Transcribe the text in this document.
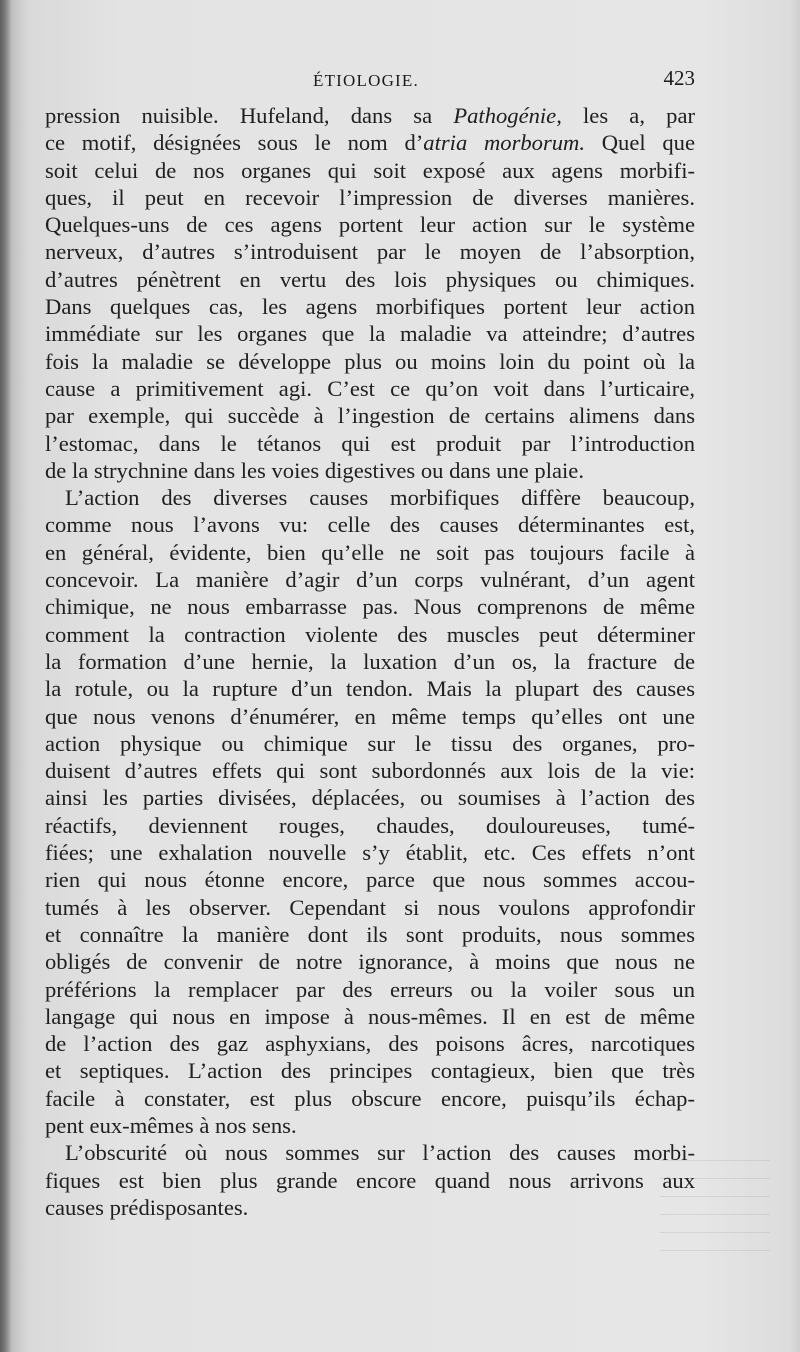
ÉTIOLOGIE.	423
pression nuisible. Hufeland, dans sa Pathogénie, les a, par
ce motif, désignées sous le nom d’atria morborum. Quel que
soit celui de nos organes qui soit exposé aux agens morbifi-
ques, il peut en recevoir l’impression de diverses manières.
Quelques-uns de ces agens portent leur action sur le système
nerveux, d’autres s’introduisent par le moyen de l’absorption,
d’autres pénètrent en vertu des lois physiques ou chimiques.
Dans quelques cas, les agens morbifiques portent leur action
immédiate sur les organes que la maladie va atteindre; d’autres
fois la maladie se développe plus ou moins loin du point où la
cause a primitivement agi. C’est ce qu’on voit dans l’urticaire,
par exemple, qui succède à l’ingestion de certains alimens dans
l’estomac, dans le tétanos qui est produit par l’introduction
de la strychnine dans les voies digestives ou dans une plaie.
L’action des diverses causes morbifiques diffère beaucoup,
comme nous l’avons vu: celle des causes déterminantes est,
en général, évidente, bien qu’elle ne soit pas toujours facile à
concevoir. La manière d’agir d’un corps vulnérant, d’un agent
chimique, ne nous embarrasse pas. Nous comprenons de même
comment la contraction violente des muscles peut déterminer
la formation d’une hernie, la luxation d’un os, la fracture de
la rotule, ou la rupture d’un tendon. Mais la plupart des causes
que nous venons d’énumérer, en même temps qu’elles ont une
action physique ou chimique sur le tissu des organes, pro-
duisent d’autres effets qui sont subordonnés aux lois de la vie:
ainsi les parties divisées, déplacées, ou soumises à l’action des
réactifs, deviennent rouges, chaudes, douloureuses, tumé-
fiées; une exhalation nouvelle s’y établit, etc. Ces effets n’ont
rien qui nous étonne encore, parce que nous sommes accou-
tumés à les observer. Cependant si nous voulons approfondir
et connaître la manière dont ils sont produits, nous sommes
obligés de convenir de notre ignorance, à moins que nous ne
préférions la remplacer par des erreurs ou la voiler sous un
langage qui nous en impose à nous-mêmes. Il en est de même
de l’action des gaz asphyxians, des poisons âcres, narcotiques
et septiques. L’action des principes contagieux, bien que très
facile à constater, est plus obscure encore, puisqu’ils échap-
pent eux-mêmes à nos sens.
L’obscurité où nous sommes sur l’action des causes morbi-
fiques est bien plus grande encore quand nous arrivons aux
causes prédisposantes.
